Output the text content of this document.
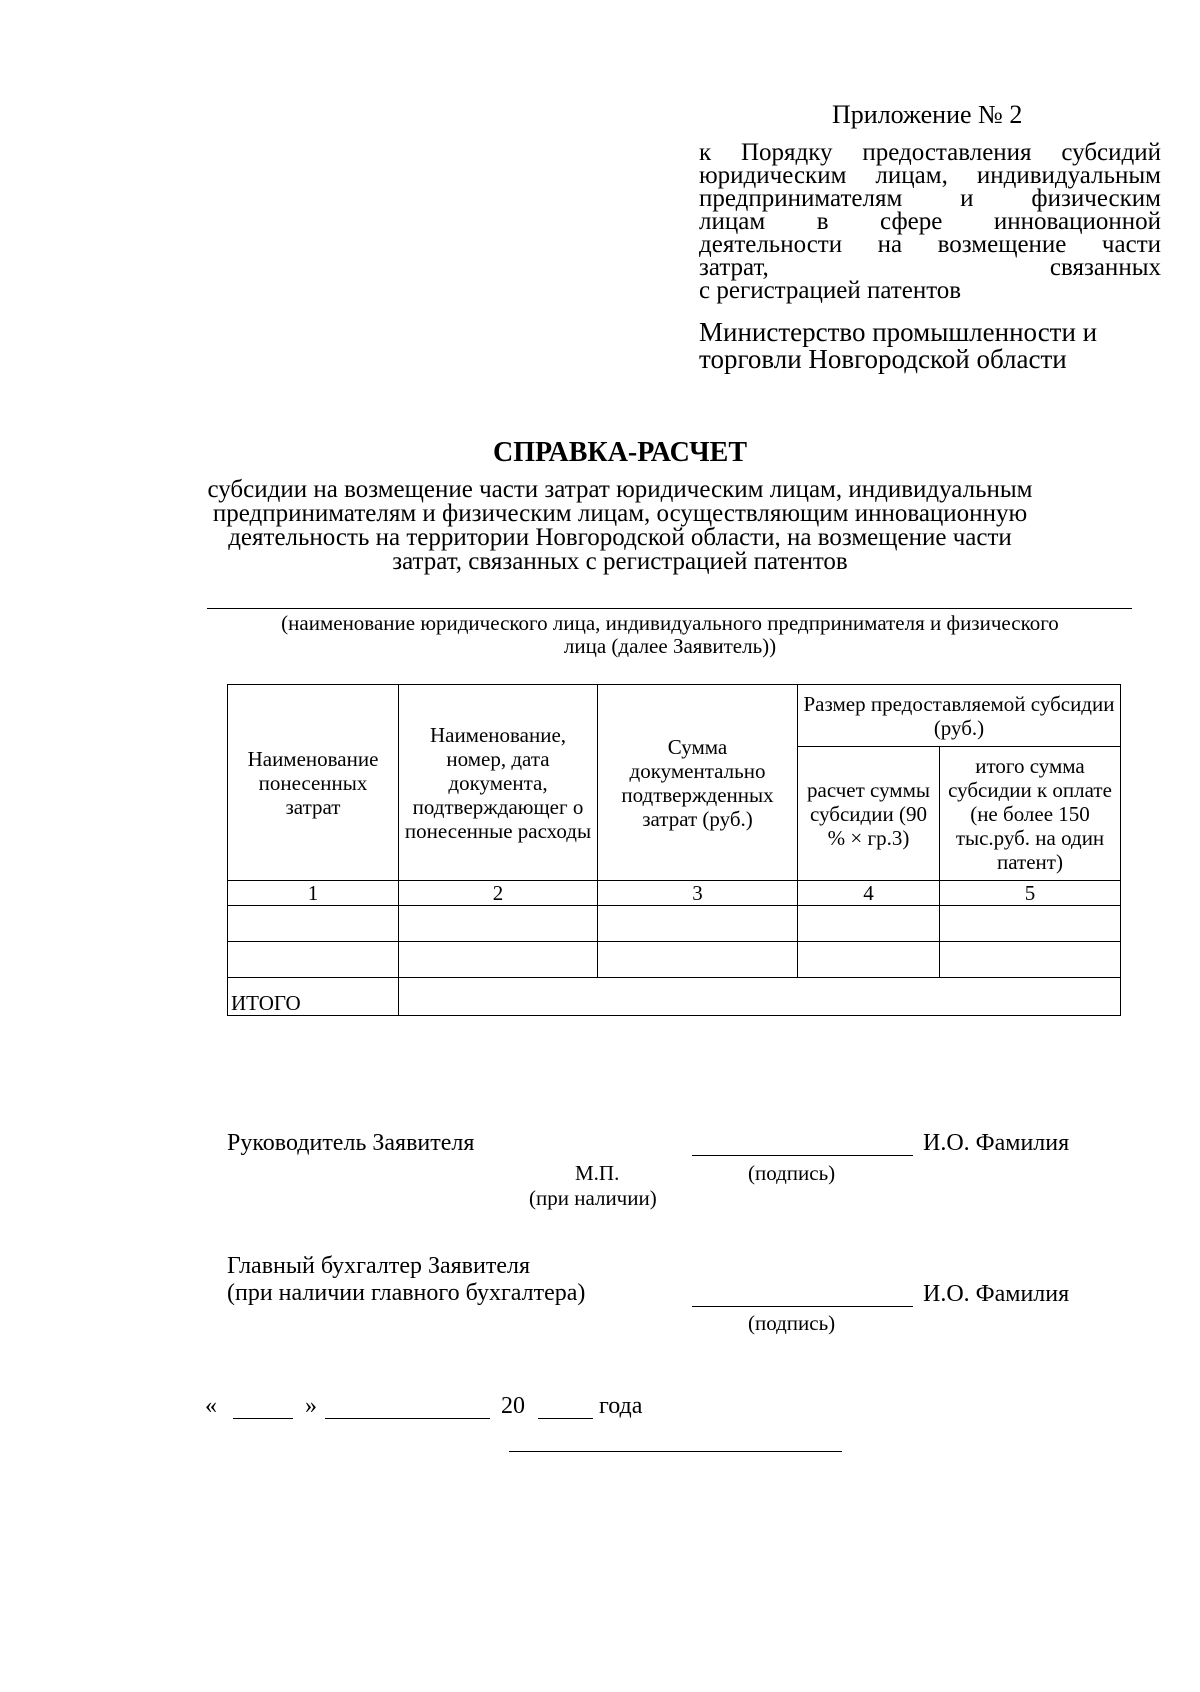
Приложение № 2
к Порядку предоставления субсидий
юридическим лицам, индивидуальным
предпринимателям и физическим
лицам в сфере инновационной
деятельности на возмещение части
затрат, связанных
с регистрацией патентов
Министерство промышленности и
торговли Новгородской области
СПРАВКА-РАСЧЕТ
субсидии на возмещение части затрат юридическим лицам, индивидуальным
предпринимателям и физическим лицам, осуществляющим инновационную
деятельность на территории Новгородской области, на возмещение части
затрат, связанных с регистрацией патентов
(наименование юридического лица, индивидуального предпринимателя и физического
лица (далее Заявитель))
Наименование понесенных затрат	Наименование, номер, дата документа, подтверждающег о понесенные расходы	Сумма документально подтвержденных затрат (руб.)	Размер предоставляемой субсидии (руб.)	
			расчет суммы субсидии (90 % × гр.3)	итого сумма субсидии к оплате (не более 150 тыс.руб. на один патент)
1	2	3	4	5

ИТОГО				
Руководитель Заявителя	И.О. Фамилия
М.П.	(подпись)
(при наличии)
Главный бухгалтер Заявителя
(при наличии главного бухгалтера)	И.О. Фамилия
(подпись)
«	»	20	года
